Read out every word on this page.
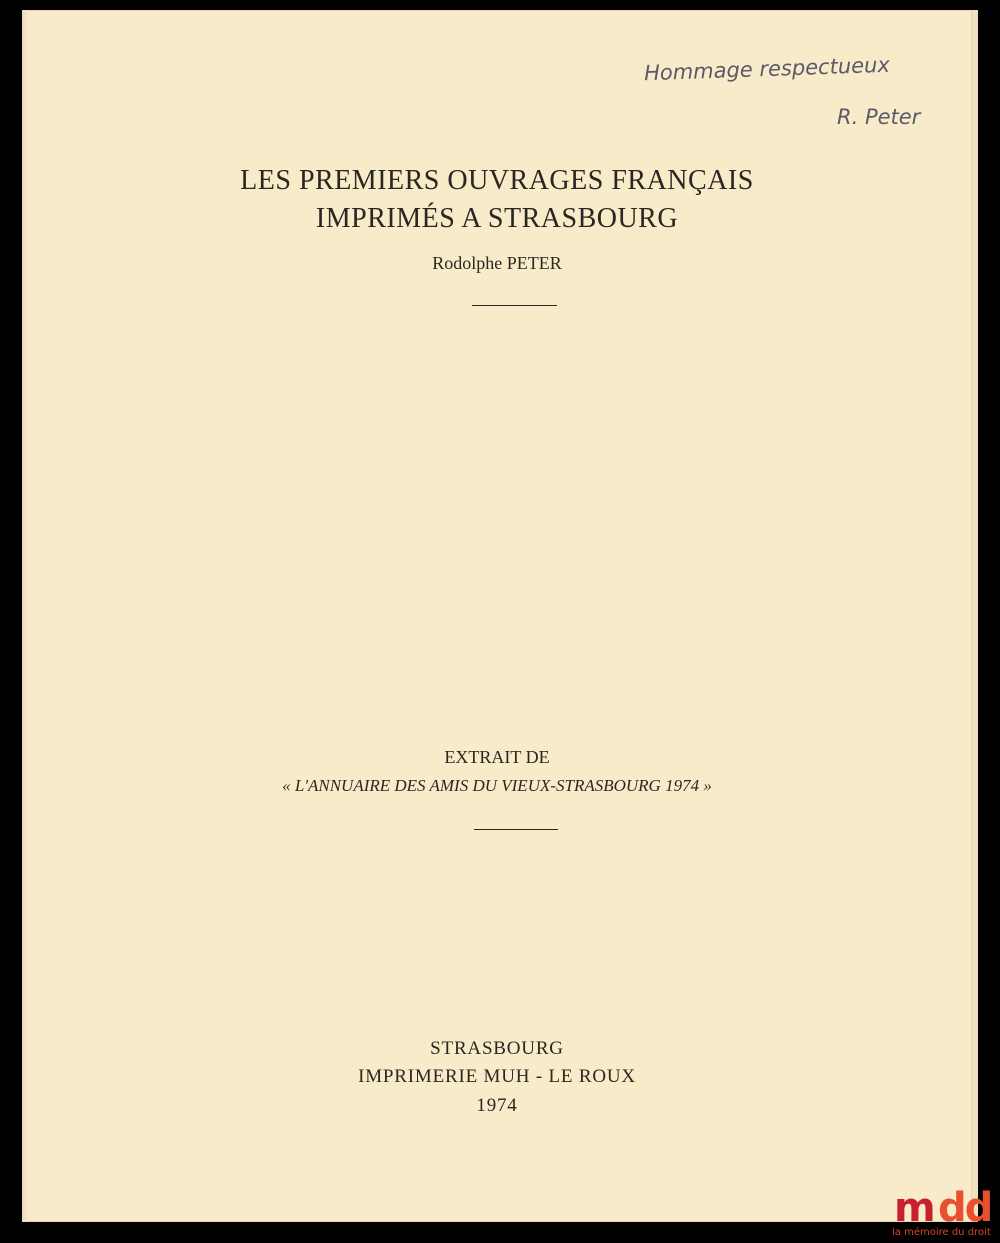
LES PREMIERS OUVRAGES FRANÇAIS
IMPRIMÉS A STRASBOURG
Rodolphe PETER
EXTRAIT DE
« L'ANNUAIRE DES AMIS DU VIEUX-STRASBOURG 1974 »
STRASBOURG
IMPRIMERIE MUH - LE ROUX
1974
Hommage respectueux
R. Peter
m dd
la mémoire du droit
